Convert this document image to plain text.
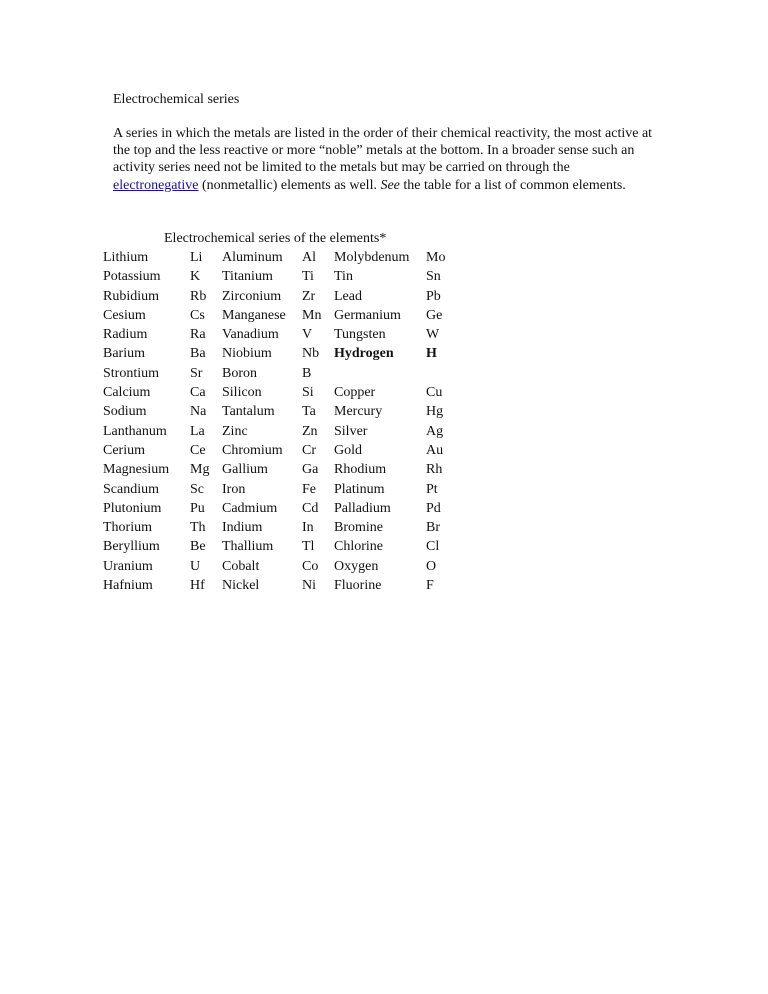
Electrochemical series

A series in which the metals are listed in the order of their chemical reactivity, the most active at the top and the less reactive or more “noble” metals at the bottom. In a broader sense such an activity series need not be limited to the metals but may be carried on through the electronegative (nonmetallic) elements as well. See the table for a list of common elements.

Electrochemical series of the elements*
Lithium	Li	Aluminum	Al	Molybdenum	Mo
Potassium	K	Titanium	Ti	Tin	Sn
Rubidium	Rb	Zirconium	Zr	Lead	Pb
Cesium	Cs	Manganese	Mn	Germanium	Ge
Radium	Ra	Vanadium	V	Tungsten	W
Barium	Ba	Niobium	Nb	Hydrogen	H
Strontium	Sr	Boron	B		
Calcium	Ca	Silicon	Si	Copper	Cu
Sodium	Na	Tantalum	Ta	Mercury	Hg
Lanthanum	La	Zinc	Zn	Silver	Ag
Cerium	Ce	Chromium	Cr	Gold	Au
Magnesium	Mg	Gallium	Ga	Rhodium	Rh
Scandium	Sc	Iron	Fe	Platinum	Pt
Plutonium	Pu	Cadmium	Cd	Palladium	Pd
Thorium	Th	Indium	In	Bromine	Br
Beryllium	Be	Thallium	Tl	Chlorine	Cl
Uranium	U	Cobalt	Co	Oxygen	O
Hafnium	Hf	Nickel	Ni	Fluorine	F
